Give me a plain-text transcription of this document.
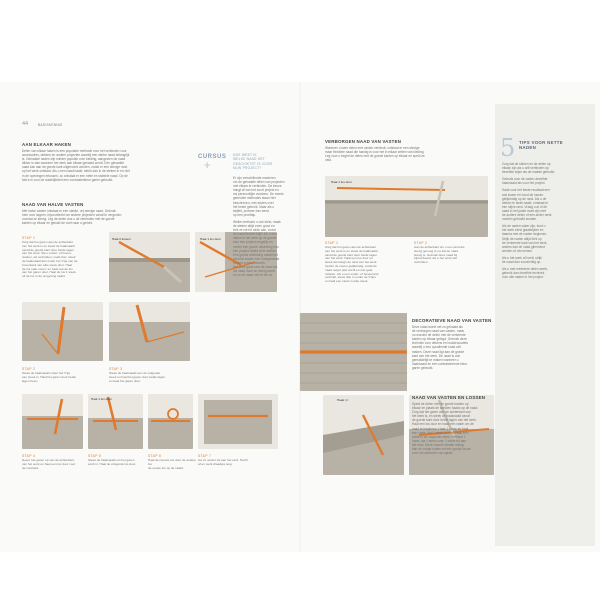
44	BASISKENNIS
AAN ELKAAR HAKEN
Delen van elkaar haken is een populaire methode voor het verbinden voor
accessoires, dekens en andere projecten waarbij een sterke naad belangrijk
is. Gehaakte naden zijn minder populair voor kleding, aangezien de naad
dikker is dan wanneer het werk aan elkaar genaaid wordt. Een gehaakte
naad kan aan de goede kant uitgevoerd worden, zodat er een stevige rand
op het werk ontstaat. Als u een naad haakt, steek dan in de steken in en niet
in de openingen ertussen, zo ontstaat er een nette en stabiele naad. Op de
foto's is voor de duidelijkheid een contrasterkleur garen gebruikt.
NAAD VAN HALVE VASTEN
Met halve vasten ontstaat er een vlakke, vrij stevige naad. Gebruik
hem voor lappen, bijvoorbeeld om andere projecten vanaf te vergroten
voordat ze stevig. Leg de delen dus u uit verbinden met de goede
kanten op elkaar en genald de voet naar u gericht.
STAP 1
Zorg dat het garen aan de achterkant
van het werk is en steek de haaknaald
vanaf de goede kant door beide lagen
van het werk. Sla u onder- of boven-
randen, wit verbinden, zoals hier, steek
de haaknaald dan onder het V'tje van de
bovenkant van elke steek door. Haal
de lus naar voren; en haal ook de lus
van het garen door. Haal de lus 1 steek
uit de lus in de omgeving naald.
Haal 2 lussen	Haal 1 lus door
STAP 2
Steek de haaknaald onder het V'tje
van steek in. Haal het garen door beide
lagen heen.
STAP 3
Steek de haaknaald een de volgende
steek en haal het garen door beide lagen
en haal het garen door.
Haal 1 lus door
STAP 4
Neem het garen op van de achterkant
van het werk en haal een lus door voor
de voorkant.
STAP 5
Steek de haaknaald om het garen
werk in. Haal de volgende lus door.
STAP 6
Haal de nieuwe lus door de andere lus
de eerste lus op de naald.
STAP 7
Ga zo verder tot aan het eind. Hecht
af en werk draadjes weg.
+
CURSUS HOE WEET IK
WELKE NAAD HET
GESCHIKTST IS VOOR
MIJN PROJECT?
Er zijn verschillende manieren
om de gehaakte delen van projecten
met elkaar te verbinden. De keuze
hangt af van het soort project en
uw persoonlijke voorkeur. De meest
gebruikte methodes staan hier
beschreven, met advies over
het beste gebruik. Maar als u
twijfelt, probeer dan eerst
op een proeflap.
Welke methode u ook kiest, maak
de steken altijd even groot en
trek ze niet te strak aan, zodat
de naad flexibel blijft. Als u een
haken is het werk op de goede
kant een project mogelijk en
verder een goede afwerking van
een project netjes af te werken.
Een goede afwerking maakt het
verschil tussen een huisgemaakt
en een echt kunstwerk.
Het werk gaat naar de naad als
uw naad mooi en stevig wordt
en zo de naad niet te dik uit.
VERBORGEN NAAD VAN VASTEN
Wanneer u twee delen met vasten verbindt, ontstaat er een stevige
maar flexibele naad die handig is voor het in elkaar zetten van kleding.
Leg voor u begint de delen met de goede kanten op elkaar en speld ze
vast.
Haal 1 lus door
STAP 1
Zorg dat het garen aan de achterkant
van het werk is en steek de haaknaald
vanaf de goede kant door beide lagen
van het werk. Haal een lus door en
steek dan langs de rand van het werk.
Verder de naven gelijkmatig, zodat de
naad netjes plat wordt en niet gaat
trekken. Als u een onder- of bovenrand
verbindt, steek dan in onder de V'tjes
en haal een vaste in elke steek.
STAP 2
Aan de achterkant zie u een rand die
stevig genoeg is en dat de naad
stevig is. Gebruik deze naad bij
bijvoorbeeld, als u het werk wilt
verbinden.
DECORATIEVE NAAD VAN VASTEN
Deze naad wordt net zo gehaakt als
de verborgen naad van vasten, maar
nu worden de delen met de verkeerde
kanten op elkaar gelegd. Gebruik deze
techniek voor dekens en huisdecoraties
waarbij u een opvallende naad wilt
maken. Deze naad ligt aan de goede
kant van het werk. De naad is ook
gemakkelijk te maken wanneer u
haaknaald en een contrasterende kleur
garen gebruikt.
Haak 1 l	NAAD VAN VASTEN EN LOSSEN
Speld de delen met de goede kanten op
elkaar en plaats de spelden haaks op de naad.
Zorg dat het garen aan de achterkant van
het werk is, en steek de haaknaald vanaf
de goede kant door beide lagen van het werk.
Haal een lus door en haak een vaste om de
naad te beginnen. Haak 1 losse en haal
een vaste, sla 1 steek over en haak een
vaste in de volgende steek. Herhaal 1
losse, sla 1 steek over, 1 vaste tot aan
het eind. Deze naad is minder stevig
dan de vorige naden en een goede keuze
voor het afwerken van sjaals.
5 TIPS VOOR NETTE
NADEN
Zorg dat de steken en de delen op
elkaar zijn als u wilt verbinden op
dezelfde wijze als de naalde gebruikt.
Gebruik voor de naden dezelfde
haaknaald als voor het project.
Haak voor het beste resultaat een
wat losser en houd de lussen
gelijkmatig op de rand. Als u de
steken te strak haakt, ontstaat er
een stijve rand. Vraag u af of de
naad in het juiste moet zijn met
de andere delen of een ander werk
moeten gebruikt worden.
Als de naden vaker zijn, kunt u
het werk eerst gladstrijken en
daarna met de naden beginnen.
Strijk de naden altijd licht op
de verkeerde kant van het werk,
anders kan de naad glimmend
worden of vervormen.
Als u het werk af heeft, strijk
de naad dan voorzichtig op.
Als u met meerdere delen werkt,
gebruik dan dezelfde techniek
voor alle naden in het project.
